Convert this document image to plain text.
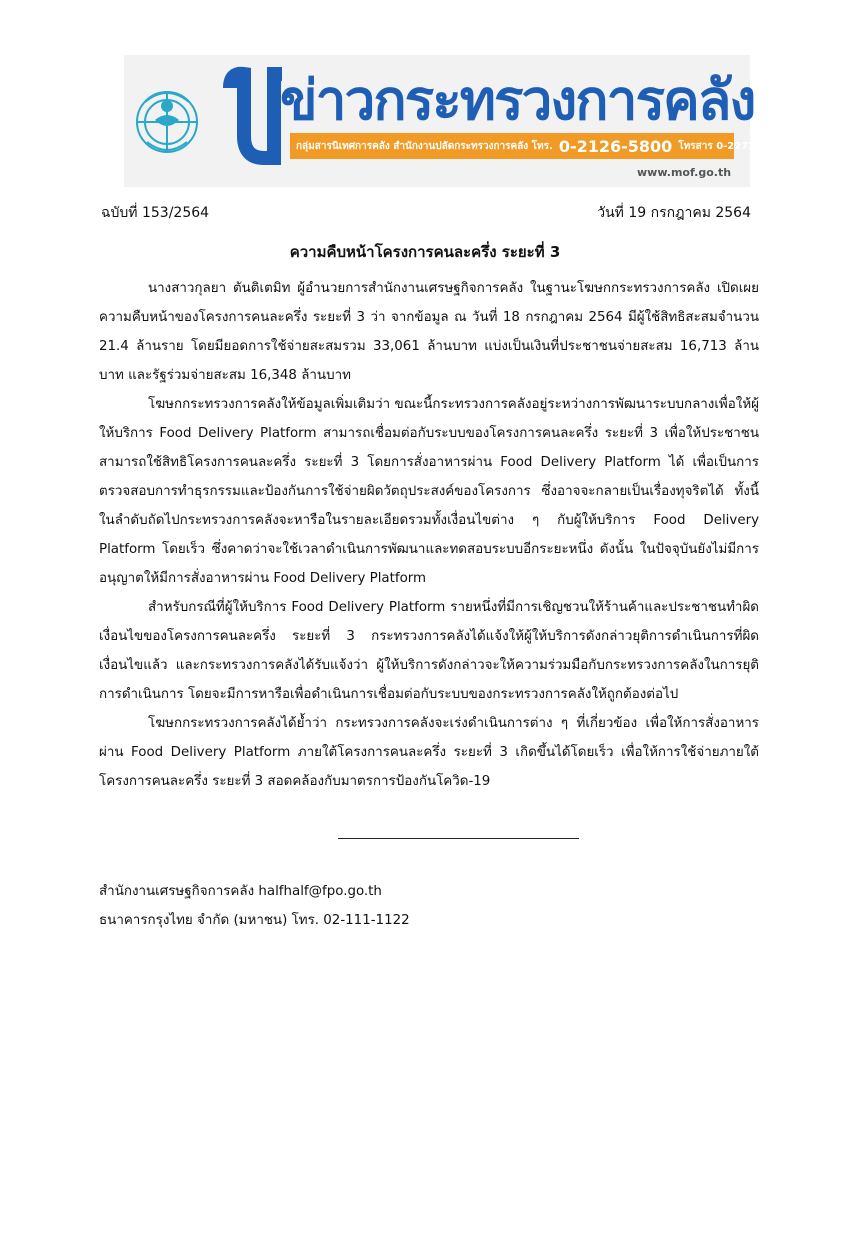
ข่าวกระทรวงการคลัง
กลุ่มสารนิเทศการคลัง สำนักงานปลัดกระทรวงการคลัง โทร. 0-2126-5800 โทรสาร 0-2273-9763
www.mof.go.th
ฉบับที่ 153/2564	วันที่ 19 กรกฎาคม 2564
ความคืบหน้าโครงการคนละครึ่ง ระยะที่ 3

นางสาวกุลยา ตันติเตมิท ผู้อำนวยการสำนักงานเศรษฐกิจการคลัง ในฐานะโฆษกกระทรวงการคลัง เปิดเผยความคืบหน้าของโครงการคนละครึ่ง ระยะที่ 3 ว่า จากข้อมูล ณ วันที่ 18 กรกฎาคม 2564 มีผู้ใช้สิทธิสะสมจำนวน 21.4 ล้านราย โดยมียอดการใช้จ่ายสะสมรวม 33,061 ล้านบาท แบ่งเป็นเงินที่ประชาชนจ่ายสะสม 16,713 ล้านบาท และรัฐร่วมจ่ายสะสม 16,348 ล้านบาท

โฆษกกระทรวงการคลังให้ข้อมูลเพิ่มเติมว่า ขณะนี้กระทรวงการคลังอยู่ระหว่างการพัฒนาระบบกลางเพื่อให้ผู้ให้บริการ Food Delivery Platform สามารถเชื่อมต่อกับระบบของโครงการคนละครึ่ง ระยะที่ 3 เพื่อให้ประชาชนสามารถใช้สิทธิโครงการคนละครึ่ง ระยะที่ 3 โดยการสั่งอาหารผ่าน Food Delivery Platform ได้ เพื่อเป็นการตรวจสอบการทำธุรกรรมและป้องกันการใช้จ่ายผิดวัตถุประสงค์ของโครงการ ซึ่งอาจจะกลายเป็นเรื่องทุจริตได้ ทั้งนี้ ในลำดับถัดไปกระทรวงการคลังจะหารือในรายละเอียดรวมทั้งเงื่อนไขต่าง ๆ กับผู้ให้บริการ Food Delivery Platform โดยเร็ว ซึ่งคาดว่าจะใช้เวลาดำเนินการพัฒนาและทดสอบระบบอีกระยะหนึ่ง ดังนั้น ในปัจจุบันยังไม่มีการอนุญาตให้มีการสั่งอาหารผ่าน Food Delivery Platform

สำหรับกรณีที่ผู้ให้บริการ Food Delivery Platform รายหนึ่งที่มีการเชิญชวนให้ร้านค้าและประชาชนทำผิดเงื่อนไขของโครงการคนละครึ่ง ระยะที่ 3 กระทรวงการคลังได้แจ้งให้ผู้ให้บริการดังกล่าวยุติการดำเนินการที่ผิดเงื่อนไขแล้ว และกระทรวงการคลังได้รับแจ้งว่า ผู้ให้บริการดังกล่าวจะให้ความร่วมมือกับกระทรวงการคลังในการยุติการดำเนินการ โดยจะมีการหารือเพื่อดำเนินการเชื่อมต่อกับระบบของกระทรวงการคลังให้ถูกต้องต่อไป

โฆษกกระทรวงการคลังได้ย้ำว่า กระทรวงการคลังจะเร่งดำเนินการต่าง ๆ ที่เกี่ยวข้อง เพื่อให้การสั่งอาหารผ่าน Food Delivery Platform ภายใต้โครงการคนละครึ่ง ระยะที่ 3 เกิดขึ้นได้โดยเร็ว เพื่อให้การใช้จ่ายภายใต้โครงการคนละครึ่ง ระยะที่ 3 สอดคล้องกับมาตรการป้องกันโควิด-19

สำนักงานเศรษฐกิจการคลัง halfhalf@fpo.go.th
ธนาคารกรุงไทย จำกัด (มหาชน) โทร. 02-111-1122
